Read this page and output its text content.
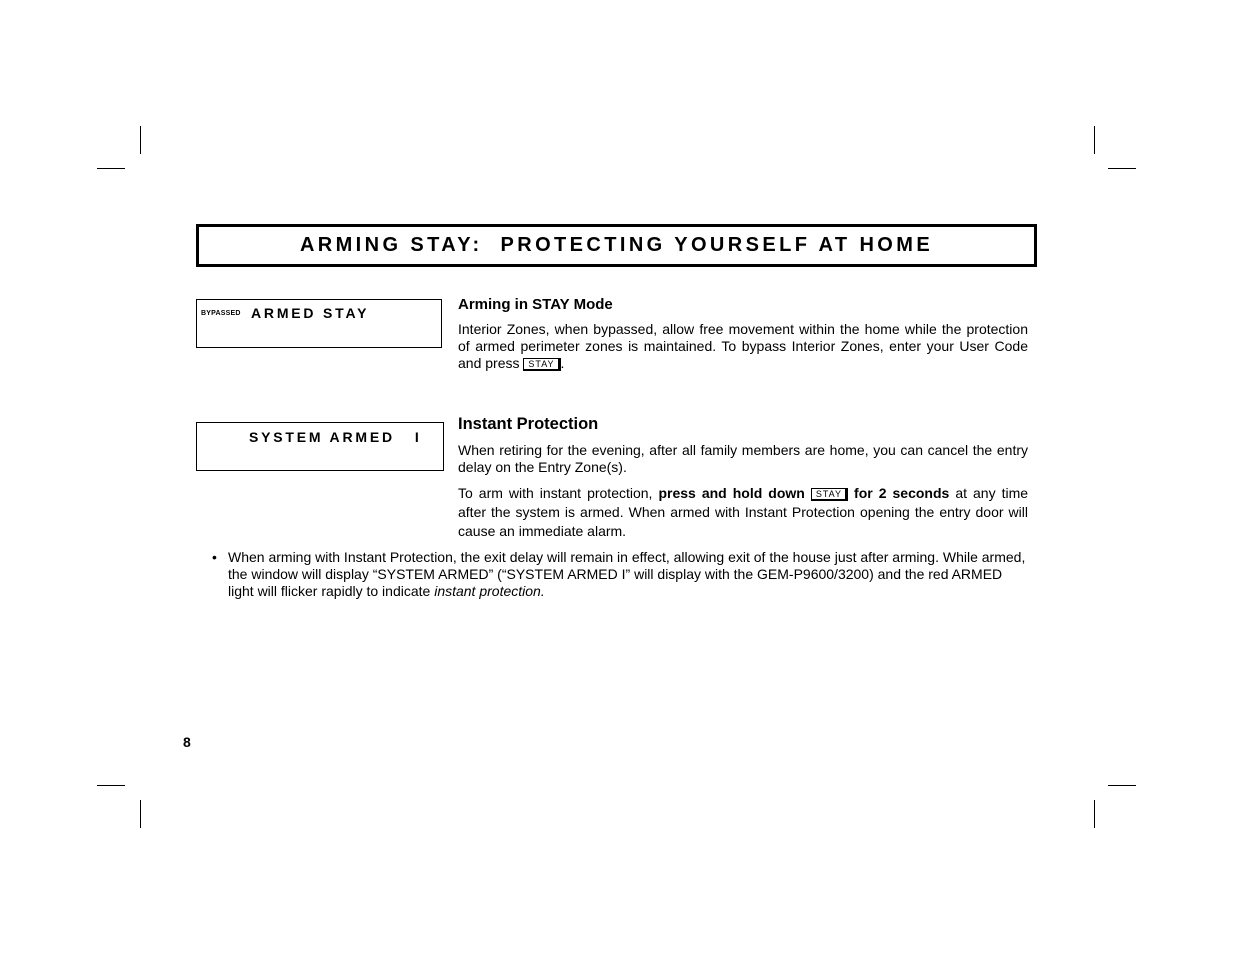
ARMING STAY:  PROTECTING YOURSELF AT HOME
BYPASSED ARMED STAY	Arming in STAY Mode

Interior Zones, when bypassed, allow free movement within the home while the protection of armed perimeter zones is maintained. To bypass Interior Zones, enter your User Code and press STAY .

SYSTEM ARMED   I
Instant Protection

When retiring for the evening, after all family members are home, you can cancel the entry delay on the Entry Zone(s).

To arm with instant protection, press and hold down STAY for 2 seconds at any time after the system is armed. When armed with Instant Protection opening the entry door will cause an immediate alarm.

• When arming with Instant Protection, the exit delay will remain in effect, allowing exit of the house just after arming. While armed, the window will display “SYSTEM ARMED” (“SYSTEM ARMED I” will display with the GEM-P9600/3200) and the red ARMED light will flicker rapidly to indicate instant protection.

8
